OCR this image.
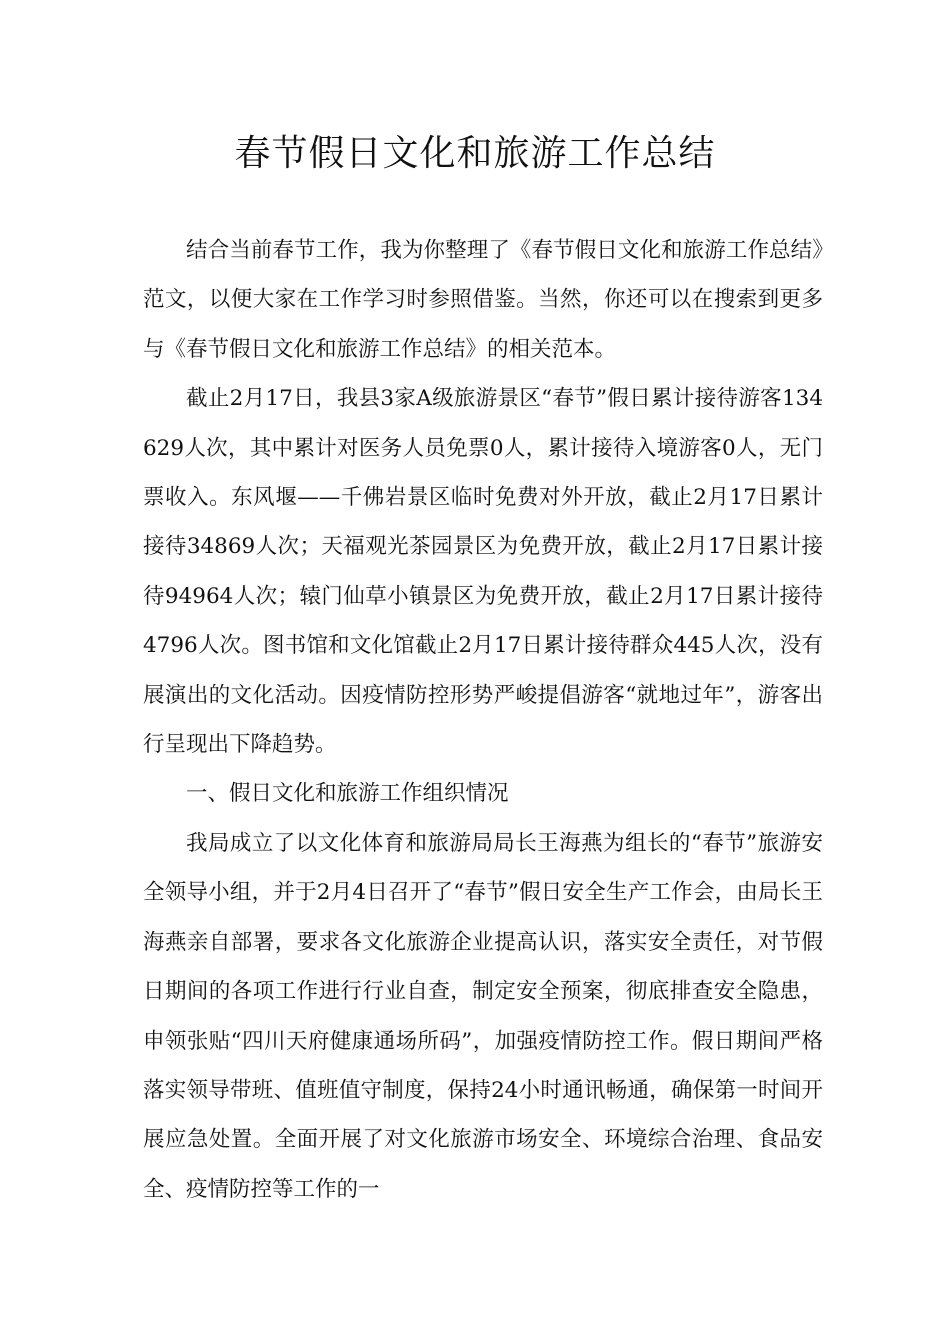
春节假日文化和旅游工作总结

结合当前春节工作，我为你整理了《春节假日文化和旅游工作总结》范文，以便大家在工作学习时参照借鉴。当然，你还可以在搜索到更多与《春节假日文化和旅游工作总结》的相关范本。

截止2月17日，我县3家A级旅游景区“春节”假日累计接待游客134629人次，其中累计对医务人员免票0人，累计接待入境游客0人，无门票收入。东风堰——千佛岩景区临时免费对外开放，截止2月17日累计接待34869人次；天福观光茶园景区为免费开放，截止2月17日累计接待94964人次；辕门仙草小镇景区为免费开放，截止2月17日累计接待4796人次。图书馆和文化馆截止2月17日累计接待群众445人次，没有展演出的文化活动。因疫情防控形势严峻提倡游客“就地过年”，游客出行呈现出下降趋势。

一、假日文化和旅游工作组织情况

我局成立了以文化体育和旅游局局长王海燕为组长的“春节”旅游安全领导小组，并于2月4日召开了“春节”假日安全生产工作会，由局长王海燕亲自部署，要求各文化旅游企业提高认识，落实安全责任，对节假日期间的各项工作进行行业自查，制定安全预案，彻底排查安全隐患，申领张贴“四川天府健康通场所码”，加强疫情防控工作。假日期间严格落实领导带班、值班值守制度，保持24小时通讯畅通，确保第一时间开展应急处置。全面开展了对文化旅游市场安全、环境综合治理、食品安全、疫情防控等工作的一
